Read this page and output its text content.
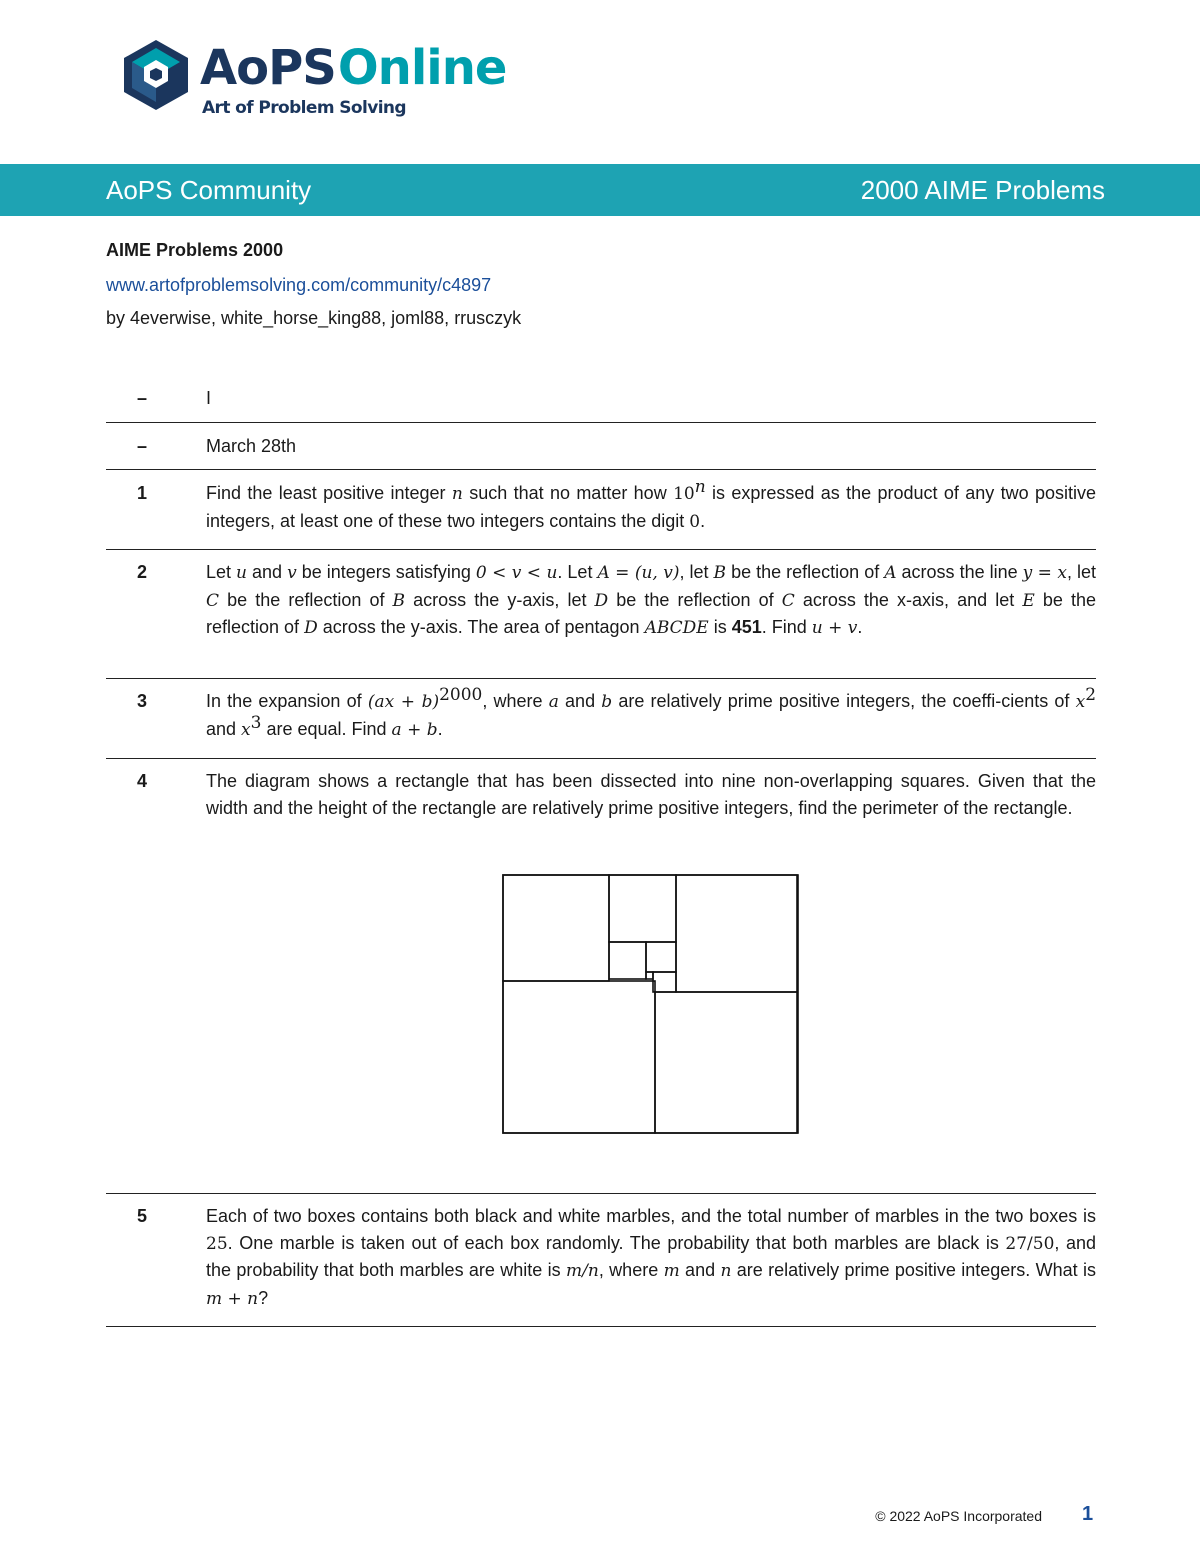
AoPSOnline
Art of Problem Solving
AoPS Community	2000 AIME Problems
AIME Problems 2000
www.artofproblemsolving.com/community/c4897
by 4everwise, white_horse_king88, joml88, rrusczyk
–	I
–	March 28th
1	Find the least positive integer n such that no matter how 10$^n$ is expressed as the product of any two positive integers, at least one of these two integers contains the digit 0.
2	Let u and v be integers satisfying 0 < v < u. Let A = (u, v), let B be the reflection of A across the line y = x, let C be the reflection of B across the y-axis, let D be the reflection of C across the x-axis, and let E be the reflection of D across the y-axis. The area of pentagon ABCDE is 451. Find u + v.
3	In the expansion of (ax + b)$^{2000}$, where a and b are relatively prime positive integers, the coeffi-cients of $x^2$ and $x^3$ are equal. Find a + b.
4	The diagram shows a rectangle that has been dissected into nine non-overlapping squares. Given that the width and the height of the rectangle are relatively prime positive integers, find the perimeter of the rectangle.
5	Each of two boxes contains both black and white marbles, and the total number of marbles in the two boxes is 25. One marble is taken out of each box randomly. The probability that both marbles are black is 27/50, and the probability that both marbles are white is m/n, where m and n are relatively prime positive integers. What is m + n?
© 2022 AoPS Incorporated 1
